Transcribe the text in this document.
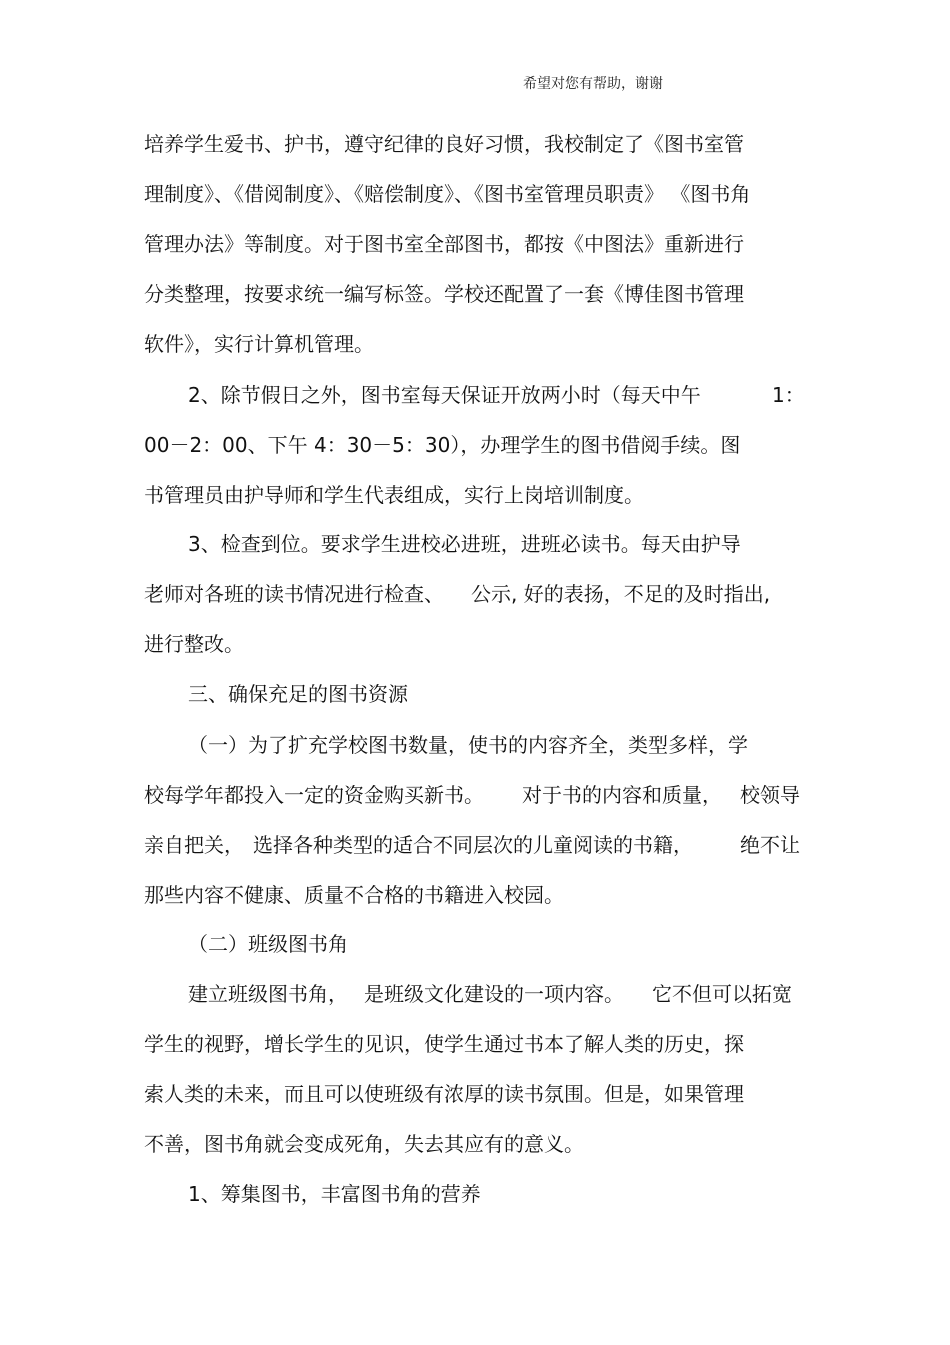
希望对您有帮助，谢谢
培养学生爱书、护书，遵守纪律的良好习惯，我校制定了《图书室管
理制度》、《借阅制度》、《赔偿制度》、《图书室管理员职责》 《图书角
管理办法》等制度。对于图书室全部图书，都按《中图法》重新进行
分类整理，按要求统一编写标签。学校还配置了一套《博佳图书管理
软件》，实行计算机管理。
2、除节假日之外，图书室每天保证开放两小时（每天中午	1：
00－2：00、下午 4：30－5：30），办理学生的图书借阅手续。图
书管理员由护导师和学生代表组成，实行上岗培训制度。
3、检查到位。要求学生进校必进班，进班必读书。每天由护导
老师对各班的读书情况进行检查、 公示, 好的表扬，不足的及时指出,
进行整改。
三、确保充足的图书资源
（一）为了扩充学校图书数量，使书的内容齐全，类型多样，学
校每学年都投入一定的资金购买新书。 对于书的内容和质量， 校领导
亲自把关， 选择各种类型的适合不同层次的儿童阅读的书籍， 绝不让
那些内容不健康、质量不合格的书籍进入校园。
（二）班级图书角
建立班级图书角， 是班级文化建设的一项内容。 它不但可以拓宽
学生的视野，增长学生的见识，使学生通过书本了解人类的历史，探
索人类的未来，而且可以使班级有浓厚的读书氛围。但是，如果管理
不善，图书角就会变成死角，失去其应有的意义。
1、筹集图书，丰富图书角的营养
